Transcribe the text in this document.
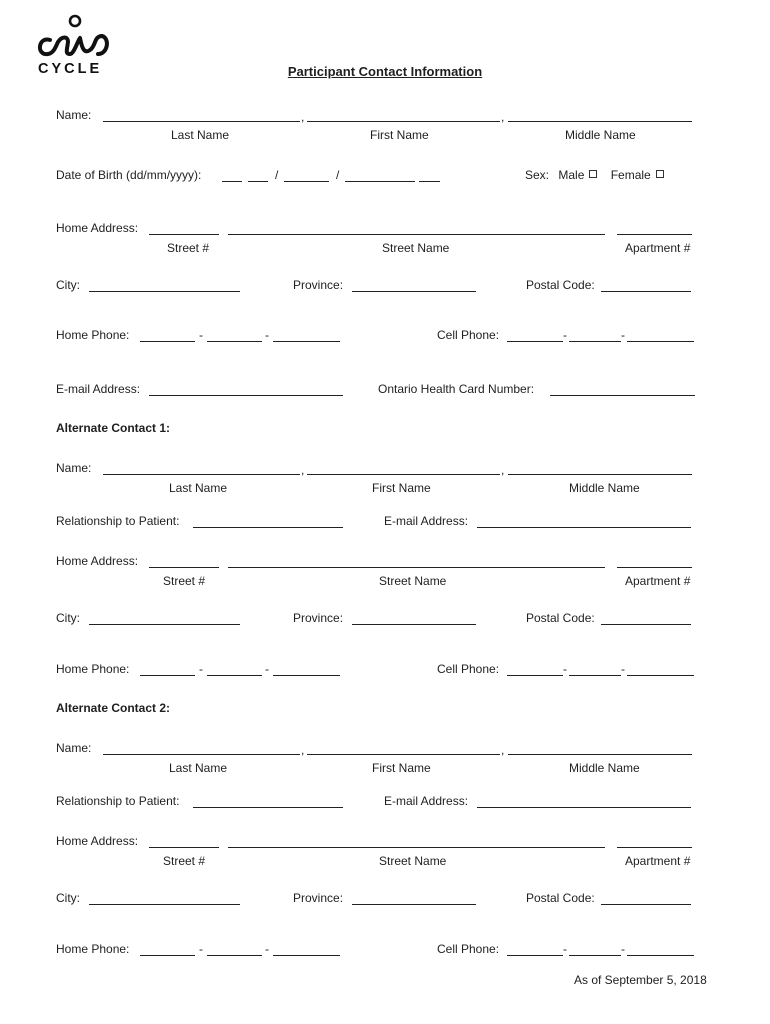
CYCLE	Participant Contact Information
Name:	,	,
Last Name	First Name	Middle Name
Date of Birth (dd/mm/yyyy):	/	/	Sex: Male Female
Home Address:
Street #	Street Name	Apartment #
City:	Province:	Postal Code:
Home Phone:	-	-	Cell Phone:	-	-
E-mail Address:	Ontario Health Card Number:
Alternate Contact 1:
Name:	,	,
Last Name	First Name	Middle Name
Relationship to Patient:	E-mail Address:
Home Address:
Street #	Street Name	Apartment #
City:	Province:	Postal Code:
Home Phone:	-	-	Cell Phone:	-	-
Alternate Contact 2:
Name:	,	,
Last Name	First Name	Middle Name
Relationship to Patient:	E-mail Address:
Home Address:
Street #	Street Name	Apartment #
City:	Province:	Postal Code:
Home Phone:	-	-	Cell Phone:	-	-
As of September 5, 2018
